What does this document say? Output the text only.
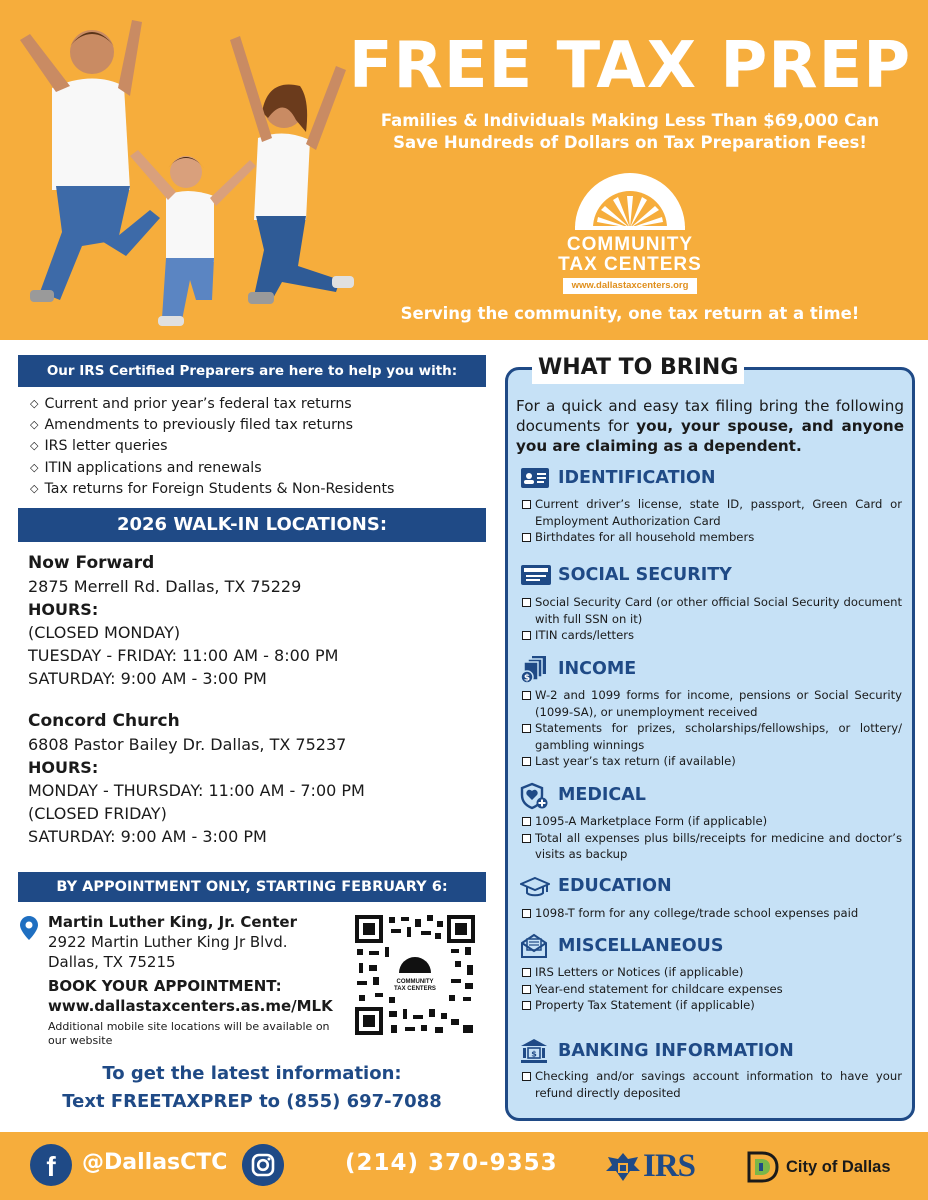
FREE TAX PREP
Families & Individuals Making Less Than $69,000 Can
Save Hundreds of Dollars on Tax Preparation Fees!
COMMUNITY
TAX CENTERS
www.dallastaxcenters.org
Serving the community, one tax return at a time!
Our IRS Certified Preparers are here to help you with:
◇ Current and prior year’s federal tax returns
◇ Amendments to previously filed tax returns
◇ IRS letter queries
◇ ITIN applications and renewals
◇ Tax returns for Foreign Students & Non-Residents
2026 WALK-IN LOCATIONS:
Now Forward
2875 Merrell Rd. Dallas, TX 75229
HOURS:
(CLOSED MONDAY)
TUESDAY - FRIDAY: 11:00 AM - 8:00 PM
SATURDAY: 9:00 AM - 3:00 PM
Concord Church
6808 Pastor Bailey Dr. Dallas, TX 75237
HOURS:
MONDAY - THURSDAY: 11:00 AM - 7:00 PM
(CLOSED FRIDAY)
SATURDAY: 9:00 AM - 3:00 PM
BY APPOINTMENT ONLY, STARTING FEBRUARY 6:
Martin Luther King, Jr. Center
2922 Martin Luther King Jr Blvd.
Dallas, TX 75215
BOOK YOUR APPOINTMENT:
www.dallastaxcenters.as.me/MLK
Additional mobile site locations will be available on our website
COMMUNITY
TAX CENTERS
To get the latest information:
Text FREETAXPREP to (855) 697-7088
WHAT TO BRING
For a quick and easy tax filing bring the following documents for you, your spouse, and anyone you are claiming as a dependent.
IDENTIFICATION
Current driver’s license, state ID, passport, Green Card or Employment Authorization Card
Birthdates for all household members
SOCIAL SECURITY
Social Security Card (or other official Social Security document with full SSN on it)
ITIN cards/letters
$ INCOME
W-2 and 1099 forms for income, pensions or Social Security (1099-SA), or unemployment received
Statements for prizes, scholarships/fellowships, or lottery/ gambling winnings
Last year’s tax return (if available)
MEDICAL
1095-A Marketplace Form (if applicable)
Total all expenses plus bills/receipts for medicine and doctor’s visits as backup
EDUCATION
1098-T form for any college/trade school expenses paid
MISCELLANEOUS
IRS Letters or Notices (if applicable)
Year-end statement for childcare expenses
Property Tax Statement (if applicable)
$ BANKING INFORMATION
Checking and/or savings account information to have your refund directly deposited
f	@DallasCTC	(214) 370-9353	IRS	City of Dallas
